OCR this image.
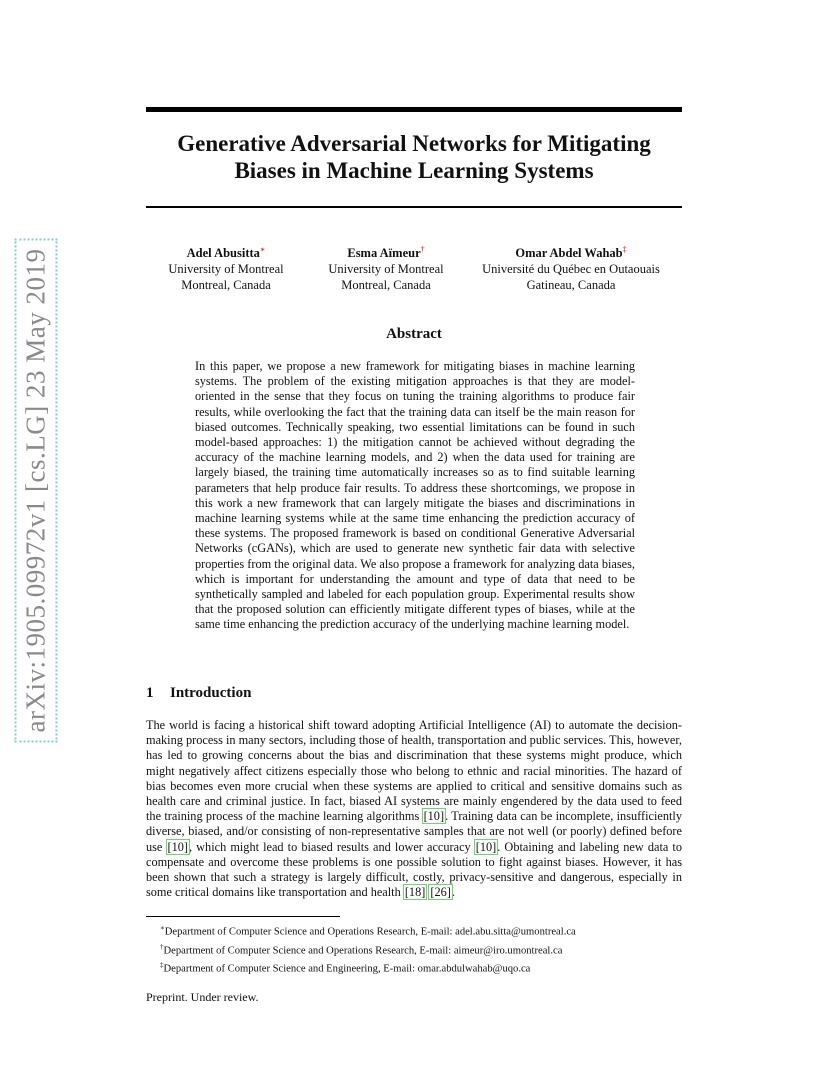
arXiv:1905.09972v1 [cs.LG] 23 May 2019
Generative Adversarial Networks for Mitigating Biases in Machine Learning Systems
Adel Abusitta∗
University of Montreal
Montreal, Canada
Esma Aïmeur†
University of Montreal
Montreal, Canada
Omar Abdel Wahab‡
Université du Québec en Outaouais
Gatineau, Canada
Abstract
In this paper, we propose a new framework for mitigating biases in machine learning systems. The problem of the existing mitigation approaches is that they are model-oriented in the sense that they focus on tuning the training algorithms to produce fair results, while overlooking the fact that the training data can itself be the main reason for biased outcomes. Technically speaking, two essential limitations can be found in such model-based approaches: 1) the mitigation cannot be achieved without degrading the accuracy of the machine learning models, and 2) when the data used for training are largely biased, the training time automatically increases so as to find suitable learning parameters that help produce fair results. To address these shortcomings, we propose in this work a new framework that can largely mitigate the biases and discriminations in machine learning systems while at the same time enhancing the prediction accuracy of these systems. The proposed framework is based on conditional Generative Adversarial Networks (cGANs), which are used to generate new synthetic fair data with selective properties from the original data. We also propose a framework for analyzing data biases, which is important for understanding the amount and type of data that need to be synthetically sampled and labeled for each population group. Experimental results show that the proposed solution can efficiently mitigate different types of biases, while at the same time enhancing the prediction accuracy of the underlying machine learning model.
1 Introduction
The world is facing a historical shift toward adopting Artificial Intelligence (AI) to automate the decision-making process in many sectors, including those of health, transportation and public services. This, however, has led to growing concerns about the bias and discrimination that these systems might produce, which might negatively affect citizens especially those who belong to ethnic and racial minorities. The hazard of bias becomes even more crucial when these systems are applied to critical and sensitive domains such as health care and criminal justice. In fact, biased AI systems are mainly engendered by the data used to feed the training process of the machine learning algorithms [10]. Training data can be incomplete, insufficiently diverse, biased, and/or consisting of non-representative samples that are not well (or poorly) defined before use [10], which might lead to biased results and lower accuracy [10]. Obtaining and labeling new data to compensate and overcome these problems is one possible solution to fight against biases. However, it has been shown that such a strategy is largely difficult, costly, privacy-sensitive and dangerous, especially in some critical domains like transportation and health [18] [26].
∗Department of Computer Science and Operations Research, E-mail: adel.abu.sitta@umontreal.ca
†Department of Computer Science and Operations Research, E-mail: aimeur@iro.umontreal.ca
‡Department of Computer Science and Engineering, E-mail: omar.abdulwahab@uqo.ca
Preprint. Under review.
